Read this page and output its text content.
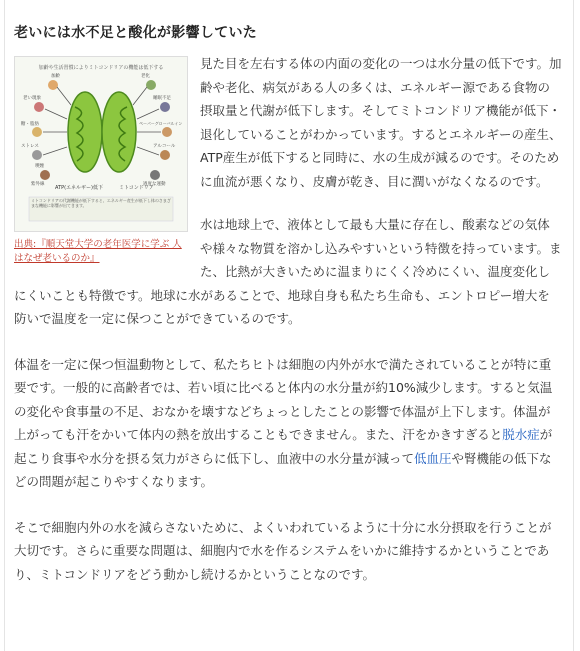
老いには水不足と酸化が影響していた
加齢や生活習慣によりミトコンドリアの機能は低下する
加齢
老い現象
糖・脂肪
ストレス
喫煙
紫外線
老化
睡眠不足
ペーパーグローバルイン
アルコール
過度な運動
ATP(エネルギー)低下	ミトコンドリア
ミトコンドリアの代謝機能が低下すると、エネルギー産生が低下し体のさまざまな機能に影響が出てきます。
出典:『順天堂大学の老年医学に学ぶ 人はなぜ老いるのか』

見た目を左右する体の内面の変化の一つは水分量の低下です。加齢や老化、病気がある人の多くは、エネルギー源である食物の摂取量と代謝が低下します。そしてミトコンドリア機能が低下・退化していることがわかっています。するとエネルギーの産生、ATP産生が低下すると同時に、水の生成が減るのです。そのために血流が悪くなり、皮膚が乾き、目に潤いがなくなるのです。

水は地球上で、液体として最も大量に存在し、酸素などの気体や様々な物質を溶かし込みやすいという特徴を持っています。また、比熱が大きいために温まりにくく冷めにくい、温度変化しにくいことも特徴です。地球に水があることで、地球自身も私たち生命も、エントロピー増大を防いで温度を一定に保つことができているのです。

体温を一定に保つ恒温動物として、私たちヒトは細胞の内外が水で満たされていることが特に重要です。一般的に高齢者では、若い頃に比べると体内の水分量が約10%減少します。すると気温の変化や食事量の不足、おなかを壊すなどちょっとしたことの影響で体温が上下します。体温が上がっても汗をかいて体内の熱を放出することもできません。また、汗をかきすぎると脱水症が起こり食事や水分を摂る気力がさらに低下し、血液中の水分量が減って低血圧や腎機能の低下などの問題が起こりやすくなります。

そこで細胞内外の水を減らさないために、よくいわれているように十分に水分摂取を行うことが大切です。さらに重要な問題は、細胞内で水を作るシステムをいかに維持するかということであり、ミトコンドリアをどう動かし続けるかということなのです。
